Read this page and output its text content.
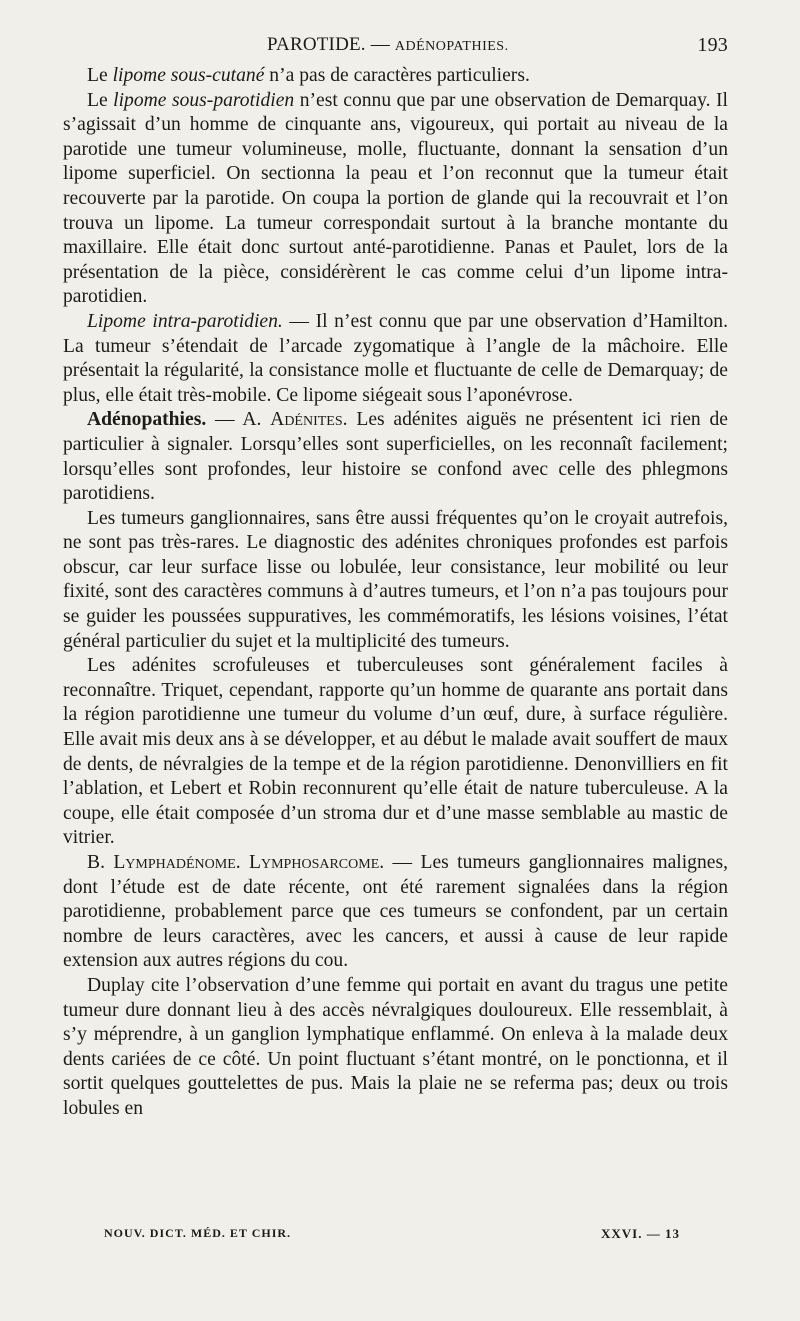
PAROTIDE. — ADÉNOPATHIES.	193

Le lipome sous-cutané n’a pas de caractères particuliers.

Le lipome sous-parotidien n’est connu que par une observation de Demarquay. Il s’agissait d’un homme de cinquante ans, vigoureux, qui portait au niveau de la parotide une tumeur volumineuse, molle, fluctuante, donnant la sensation d’un lipome superficiel. On sectionna la peau et l’on reconnut que la tumeur était recouverte par la parotide. On coupa la portion de glande qui la recouvrait et l’on trouva un lipome. La tumeur correspondait surtout à la branche montante du maxillaire. Elle était donc surtout anté-parotidienne. Panas et Paulet, lors de la présentation de la pièce, considérèrent le cas comme celui d’un lipome intra-parotidien.

Lipome intra-parotidien. — Il n’est connu que par une observation d’Hamilton. La tumeur s’étendait de l’arcade zygomatique à l’angle de la mâchoire. Elle présentait la régularité, la consistance molle et fluctuante de celle de Demarquay; de plus, elle était très-mobile. Ce lipome siégeait sous l’aponévrose.

Adénopathies. — A. Adénites. Les adénites aiguës ne présentent ici rien de particulier à signaler. Lorsqu’elles sont superficielles, on les reconnaît facilement; lorsqu’elles sont profondes, leur histoire se confond avec celle des phlegmons parotidiens.

Les tumeurs ganglionnaires, sans être aussi fréquentes qu’on le croyait autrefois, ne sont pas très-rares. Le diagnostic des adénites chroniques profondes est parfois obscur, car leur surface lisse ou lobulée, leur consistance, leur mobilité ou leur fixité, sont des caractères communs à d’autres tumeurs, et l’on n’a pas toujours pour se guider les poussées suppuratives, les commémoratifs, les lésions voisines, l’état général particulier du sujet et la multiplicité des tumeurs.

Les adénites scrofuleuses et tuberculeuses sont généralement faciles à reconnaître. Triquet, cependant, rapporte qu’un homme de quarante ans portait dans la région parotidienne une tumeur du volume d’un œuf, dure, à surface régulière. Elle avait mis deux ans à se développer, et au début le malade avait souffert de maux de dents, de névralgies de la tempe et de la région parotidienne. Denonvilliers en fit l’ablation, et Lebert et Robin reconnurent qu’elle était de nature tuberculeuse. A la coupe, elle était composée d’un stroma dur et d’une masse semblable au mastic de vitrier.

B. Lymphadénome. Lymphosarcome. — Les tumeurs ganglionnaires malignes, dont l’étude est de date récente, ont été rarement signalées dans la région parotidienne, probablement parce que ces tumeurs se confondent, par un certain nombre de leurs caractères, avec les cancers, et aussi à cause de leur rapide extension aux autres régions du cou.

Duplay cite l’observation d’une femme qui portait en avant du tragus une petite tumeur dure donnant lieu à des accès névralgiques douloureux. Elle ressemblait, à s’y méprendre, à un ganglion lymphatique enflammé. On enleva à la malade deux dents cariées de ce côté. Un point fluctuant s’étant montré, on le ponctionna, et il sortit quelques gouttelettes de pus. Mais la plaie ne se referma pas; deux ou trois lobules en

NOUV. DICT. MÉD. ET CHIR.	XXVI. — 13
